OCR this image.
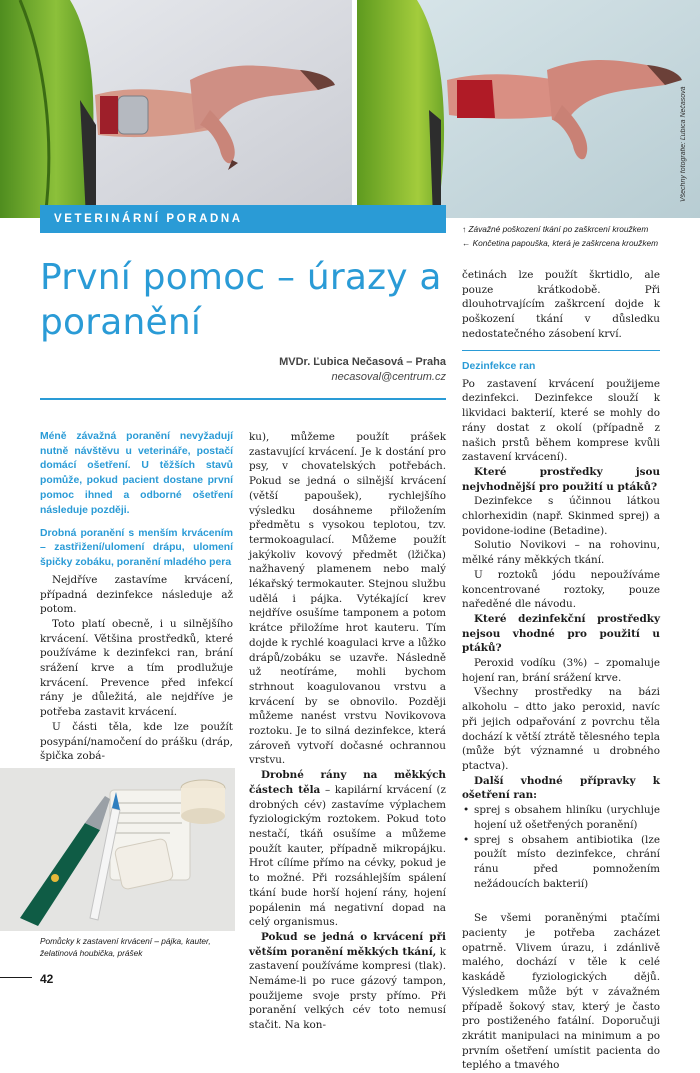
Všechny fotografie: Ľubica Nečasová
VETERINÁRNÍ PORADNA
↑ Závažné poškození tkání po zaškrcení kroužkem
← Končetina papouška, která je zaškrcena kroužkem
První pomoc – úrazy a poranění
MVDr. Ľubica Nečasová – Praha
necasoval@centrum.cz
Méně závažná poranění nevyžadují nutně návštěvu u veterináře, postačí domácí ošetření. U těžších stavů pomůže, pokud pacient dostane první pomoc ihned a odborné ošetření následuje později.
Drobná poranění s menším krvácením – zastřižení/ulomení drápu, ulomení špičky zobáku, poranění mladého pera

Nejdříve zastavíme krvácení, případná dezinfekce následuje až potom.

Toto platí obecně, i u silnějšího krvácení. Většina prostředků, které používáme k dezinfekci ran, brání srážení krve a tím prodlužuje krvácení. Prevence před infekcí rány je důležitá, ale nejdříve je potřeba zastavit krvácení.

U části těla, kde lze použít posypání/namočení do prášku (dráp, špička zobá-

Pomůcky k zastavení krvácení – pájka, kauter, želatinová houbička, prášek

ku), můžeme použít prášek zastavující krvácení. Je k dostání pro psy, v chovatelských potřebách. Pokud se jedná o silnější krvácení (větší papoušek), rychlejšího výsledku dosáhneme přiložením předmětu s vysokou teplotou, tzv. termokoagulací. Můžeme použít jakýkoliv kovový předmět (lžička) nažhavený plamenem nebo malý lékařský termokauter. Stejnou službu udělá i pájka. Vytékající krev nejdříve osušíme tamponem a potom krátce přiložíme hrot kauteru. Tím dojde k rychlé koagulaci krve a lůžko drápů/zobáku se uzavře. Následně už neotíráme, mohli bychom strhnout koagulovanou vrstvu a krvácení by se obnovilo. Později můžeme nanést vrstvu Novikovova roztoku. Je to silná dezinfekce, která zároveň vytvoří dočasné ochrannou vrstvu.

Drobné rány na měkkých částech těla – kapilární krvácení (z drobných cév) zastavíme výplachem fyziologickým roztokem. Pokud toto nestačí, tkáň osušíme a můžeme použít kauter, případně mikropájku. Hrot cílíme přímo na cévky, pokud je to možné. Při rozsáhlejším spálení tkání bude horší hojení rány, hojení popálenin má negativní dopad na celý organismus.

Pokud se jedná o krvácení při větším poranění měkkých tkání, k zastavení používáme kompresi (tlak). Nemáme-li po ruce gázový tampon, použijeme svoje prsty přímo. Při poranění velkých cév toto nemusí stačit. Na kon-

četinách lze použít škrtidlo, ale pouze krátkodobě. Při dlouhotrvajícím zaškrcení dojde k poškození tkání v důsledku nedostatečného zásobení krví.

Dezinfekce ran

Po zastavení krvácení použijeme dezinfekci. Dezinfekce slouží k likvidaci bakterií, které se mohly do rány dostat z okolí (případně z našich prstů během komprese kvůli zastavení krvácení).

Které prostředky jsou nejvhodnější pro použití u ptáků?

Dezinfekce s účinnou látkou chlorhexidin (např. Skinmed sprej) a povidone-iodine (Betadine).

Solutio Novikovi – na rohovinu, mělké rány měkkých tkání.

U roztoků jódu nepoužíváme koncentrované roztoky, pouze naředěné dle návodu.

Které dezinfekční prostředky nejsou vhodné pro použití u ptáků?

Peroxid vodíku (3%) – zpomaluje hojení ran, brání srážení krve.

Všechny prostředky na bázi alkoholu – dtto jako peroxid, navíc při jejich odpařování z povrchu těla dochází k větší ztrátě tělesného tepla (může být významné u drobného ptactva).

Další vhodné přípravky k ošetření ran:

• sprej s obsahem hliníku (urychluje hojení už ošetřených poranění)
• sprej s obsahem antibiotika (lze použít místo dezinfekce, chrání ránu před pomnožením nežádoucích bakterií)

Se všemi poraněnými ptačími pacienty je potřeba zacházet opatrně. Vlivem úrazu, i zdánlivě malého, dochází v těle k celé kaskádě fyziologických dějů. Výsledkem může být v závažném případě šokový stav, který je často pro postiženého fatální. Doporučuji zkrátit manipulaci na minimum a po prvním ošetření umístit pacienta do teplého a tmavého

42
